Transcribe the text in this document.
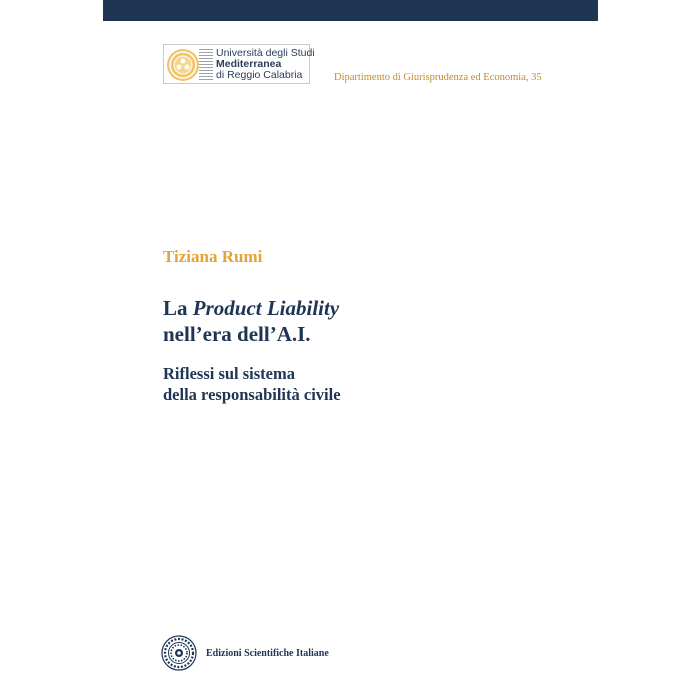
Università degli Studi
Mediterranea
di Reggio Calabria	Dipartimento di Giurisprudenza ed Economia, 35
Tiziana Rumi
La Product Liability
nell’era dell’A.I.
Riflessi sul sistema
della responsabilità civile
Edizioni Scientifiche Italiane
